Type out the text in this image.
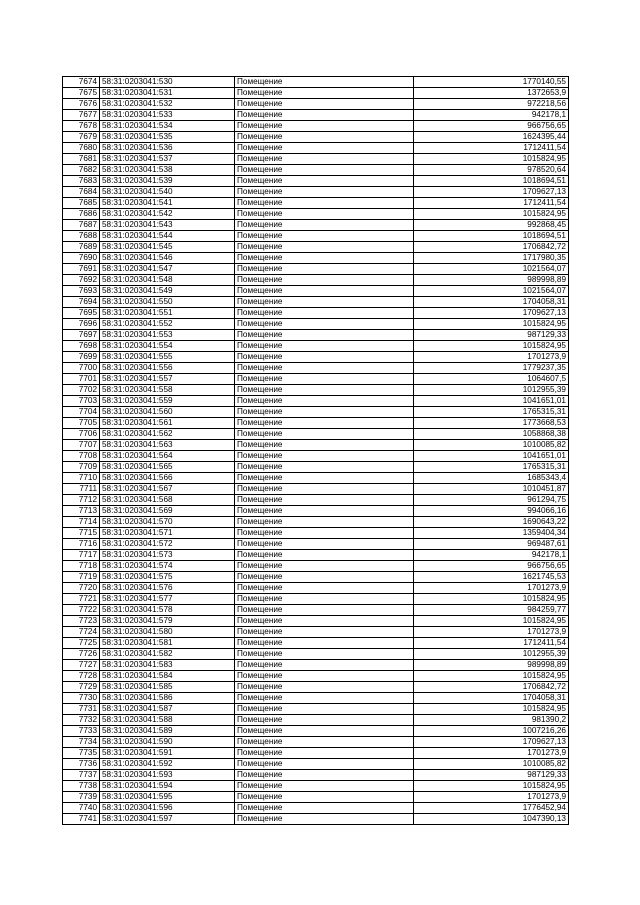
7674	58:31:0203041:530	Помещение	1770140,55
7675	58:31:0203041:531	Помещение	1372653,9
7676	58:31:0203041:532	Помещение	972218,56
7677	58:31:0203041:533	Помещение	942178,1
7678	58:31:0203041:534	Помещение	966756,65
7679	58:31:0203041:535	Помещение	1624395,44
7680	58:31:0203041:536	Помещение	1712411,54
7681	58:31:0203041:537	Помещение	1015824,95
7682	58:31:0203041:538	Помещение	978520,64
7683	58:31:0203041:539	Помещение	1018694,51
7684	58:31:0203041:540	Помещение	1709627,13
7685	58:31:0203041:541	Помещение	1712411,54
7686	58:31:0203041:542	Помещение	1015824,95
7687	58:31:0203041:543	Помещение	992868,45
7688	58:31:0203041:544	Помещение	1018694,51
7689	58:31:0203041:545	Помещение	1706842,72
7690	58:31:0203041:546	Помещение	1717980,35
7691	58:31:0203041:547	Помещение	1021564,07
7692	58:31:0203041:548	Помещение	989998,89
7693	58:31:0203041:549	Помещение	1021564,07
7694	58:31:0203041:550	Помещение	1704058,31
7695	58:31:0203041:551	Помещение	1709627,13
7696	58:31:0203041:552	Помещение	1015824,95
7697	58:31:0203041:553	Помещение	987129,33
7698	58:31:0203041:554	Помещение	1015824,95
7699	58:31:0203041:555	Помещение	1701273,9
7700	58:31:0203041:556	Помещение	1779237,35
7701	58:31:0203041:557	Помещение	1064607,5
7702	58:31:0203041:558	Помещение	1012955,39
7703	58:31:0203041:559	Помещение	1041651,01
7704	58:31:0203041:560	Помещение	1765315,31
7705	58:31:0203041:561	Помещение	1773668,53
7706	58:31:0203041:562	Помещение	1058868,38
7707	58:31:0203041:563	Помещение	1010085,82
7708	58:31:0203041:564	Помещение	1041651,01
7709	58:31:0203041:565	Помещение	1765315,31
7710	58:31:0203041:566	Помещение	1685343,4
7711	58:31:0203041:567	Помещение	1010451,87
7712	58:31:0203041:568	Помещение	961294,75
7713	58:31:0203041:569	Помещение	994066,16
7714	58:31:0203041:570	Помещение	1690643,22
7715	58:31:0203041:571	Помещение	1359404,34
7716	58:31:0203041:572	Помещение	969487,61
7717	58:31:0203041:573	Помещение	942178,1
7718	58:31:0203041:574	Помещение	966756,65
7719	58:31:0203041:575	Помещение	1621745,53
7720	58:31:0203041:576	Помещение	1701273,9
7721	58:31:0203041:577	Помещение	1015824,95
7722	58:31:0203041:578	Помещение	984259,77
7723	58:31:0203041:579	Помещение	1015824,95
7724	58:31:0203041:580	Помещение	1701273,9
7725	58:31:0203041:581	Помещение	1712411,54
7726	58:31:0203041:582	Помещение	1012955,39
7727	58:31:0203041:583	Помещение	989998,89
7728	58:31:0203041:584	Помещение	1015824,95
7729	58:31:0203041:585	Помещение	1706842,72
7730	58:31:0203041:586	Помещение	1704058,31
7731	58:31:0203041:587	Помещение	1015824,95
7732	58:31:0203041:588	Помещение	981390,2
7733	58:31:0203041:589	Помещение	1007216,26
7734	58:31:0203041:590	Помещение	1709627,13
7735	58:31:0203041:591	Помещение	1701273,9
7736	58:31:0203041:592	Помещение	1010085,82
7737	58:31:0203041:593	Помещение	987129,33
7738	58:31:0203041:594	Помещение	1015824,95
7739	58:31:0203041:595	Помещение	1701273,9
7740	58:31:0203041:596	Помещение	1776452,94
7741	58:31:0203041:597	Помещение	1047390,13
